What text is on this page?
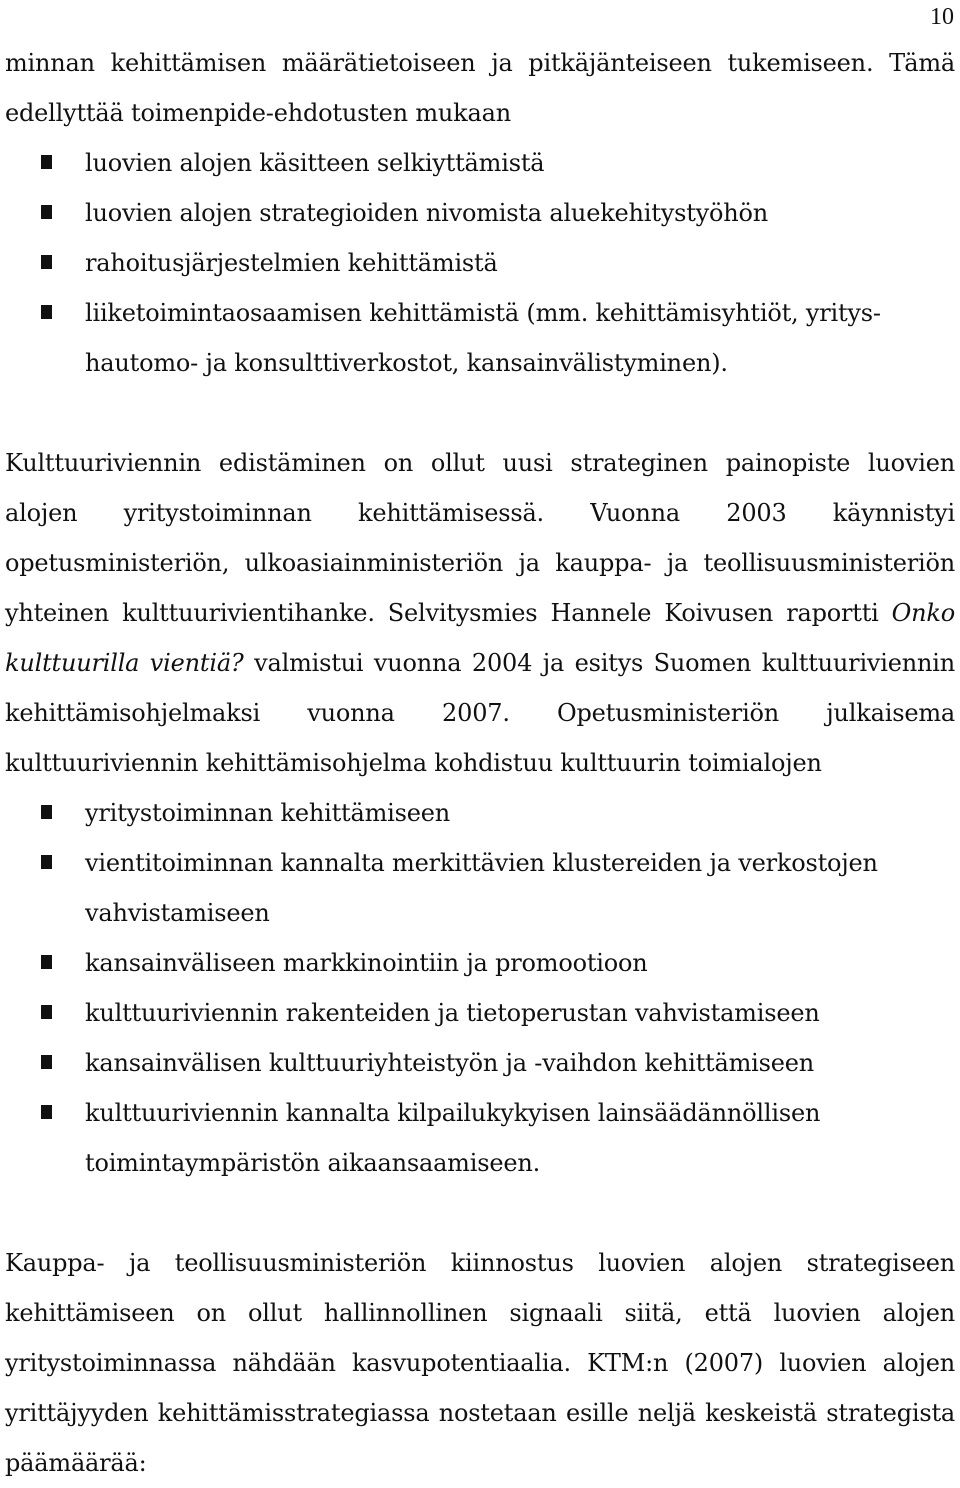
10

minnan kehittämisen määrätietoiseen ja pitkäjänteiseen tukemiseen. Tämä edellyttää toimenpide-ehdotusten mukaan

luovien alojen käsitteen selkiyttämistä
luovien alojen strategioiden nivomista aluekehitystyöhön
rahoitusjärjestelmien kehittämistä
liiketoimintaosaamisen kehittämistä (mm. kehittämisyhtiöt, yritys-hautomo- ja konsulttiverkostot, kansainvälistyminen).

Kulttuuriviennin edistäminen on ollut uusi strateginen painopiste luovien alojen yritystoiminnan kehittämisessä. Vuonna 2003 käynnistyi opetusministeriön, ulkoasiainministeriön ja kauppa- ja teollisuusministeriön yhteinen kulttuurivientihanke. Selvitysmies Hannele Koivusen raportti Onko kulttuurilla vientiä? valmistui vuonna 2004 ja esitys Suomen kulttuuriviennin kehittämisohjelmaksi vuonna 2007. Opetusministeriön julkaisema kulttuuriviennin kehittämisohjelma kohdistuu kulttuurin toimialojen

yritystoiminnan kehittämiseen
vientitoiminnan kannalta merkittävien klustereiden ja verkostojen vahvistamiseen
kansainväliseen markkinointiin ja promootioon
kulttuuriviennin rakenteiden ja tietoperustan vahvistamiseen
kansainvälisen kulttuuriyhteistyön ja -vaihdon kehittämiseen
kulttuuriviennin kannalta kilpailukykyisen lainsäädännöllisen toimintaympäristön aikaansaamiseen.

Kauppa- ja teollisuusministeriön kiinnostus luovien alojen strategiseen kehittämiseen on ollut hallinnollinen signaali siitä, että luovien alojen yritystoiminnassa nähdään kasvupotentiaalia. KTM:n (2007) luovien alojen yrittäjyyden kehittämisstrategiassa nostetaan esille neljä keskeistä strategista päämäärää:
